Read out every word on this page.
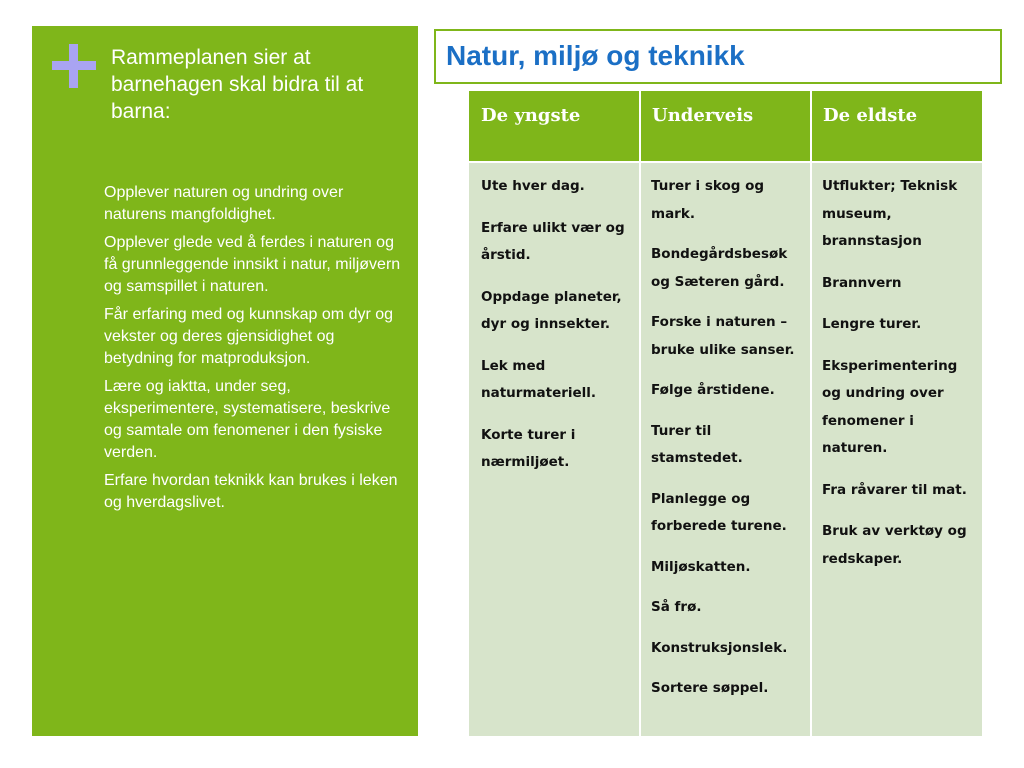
Rammeplanen sier at barnehagen skal bidra til at barna:
Opplever naturen og undring over naturens mangfoldighet.
Opplever glede ved å ferdes i naturen og få grunnleggende innsikt i natur, miljøvern og samspillet i naturen.
Får erfaring med og kunnskap om dyr og vekster og deres gjensidighet og betydning for matproduksjon.
Lære og iaktta, under seg, eksperimentere, systematisere, beskrive og samtale om fenomener i den fysiske verden.
Erfare hvordan teknikk kan brukes i leken og hverdagslivet.
Natur, miljø og teknikk
De yngste	Underveis	De eldste
Ute hver dag.
Erfare ulikt vær og årstid.
Oppdage planeter, dyr og innsekter.
Lek med naturmateriell.
Korte turer i nærmiljøet.
Turer i skog og mark.
Bondegårdsbesøk og Sæteren gård.
Forske i naturen – bruke ulike sanser.
Følge årstidene.
Turer til stamstedet.
Planlegge og forberede turene.
Miljøskatten.
Så frø.
Konstruksjonslek.
Sortere søppel.
Utflukter; Teknisk museum, brannstasjon
Brannvern
Lengre turer.
Eksperimentering og undring over fenomener i naturen.
Fra råvarer til mat.
Bruk av verktøy og redskaper.
